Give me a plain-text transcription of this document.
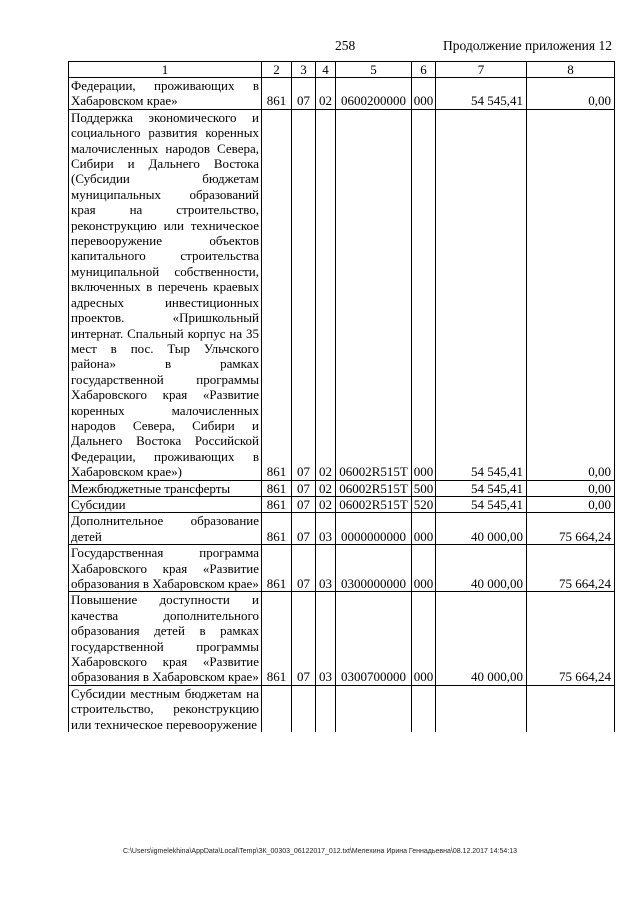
258	Продолжение приложения 12
1	2	3	4	5	6	7	8
Федерации, проживающих в Хабаровском крае»	861	07	02	0600200000	000	54 545,41	0,00
Поддержка экономического и социального развития коренных малочисленных народов Севера, Сибири и Дальнего Востока (Субсидии бюджетам муниципальных образований края на строительство, реконструкцию или техническое перевооружение объектов капитального строительства муниципальной собственности, включенных в перечень краевых адресных инвестиционных проектов. «Пришкольный интернат. Спальный корпус на 35 мест в пос. Тыр Ульчского района» в рамках государственной программы Хабаровского края «Развитие коренных малочисленных народов Севера, Сибири и Дальнего Востока Российской Федерации, проживающих в Хабаровском крае»)	861	07	02	06002R515T	000	54 545,41	0,00
Межбюджетные трансферты	861	07	02	06002R515T	500	54 545,41	0,00
Субсидии	861	07	02	06002R515T	520	54 545,41	0,00
Дополнительное образование детей	861	07	03	0000000000	000	40 000,00	75 664,24
Государственная программа Хабаровского края «Развитие образования в Хабаровском крае»	861	07	03	0300000000	000	40 000,00	75 664,24
Повышение доступности и качества дополнительного образования детей в рамках государственной программы Хабаровского края «Развитие образования в Хабаровском крае»	861	07	03	0300700000	000	40 000,00	75 664,24
Субсидии местным бюджетам на строительство, реконструкцию или техническое перевооружение							
C:\Users\igmelekhina\AppData\Local\Temp\ЗК_00303_06122017_012.txt\Мелехина Ирина Геннадьевна\08.12.2017 14:54:13
